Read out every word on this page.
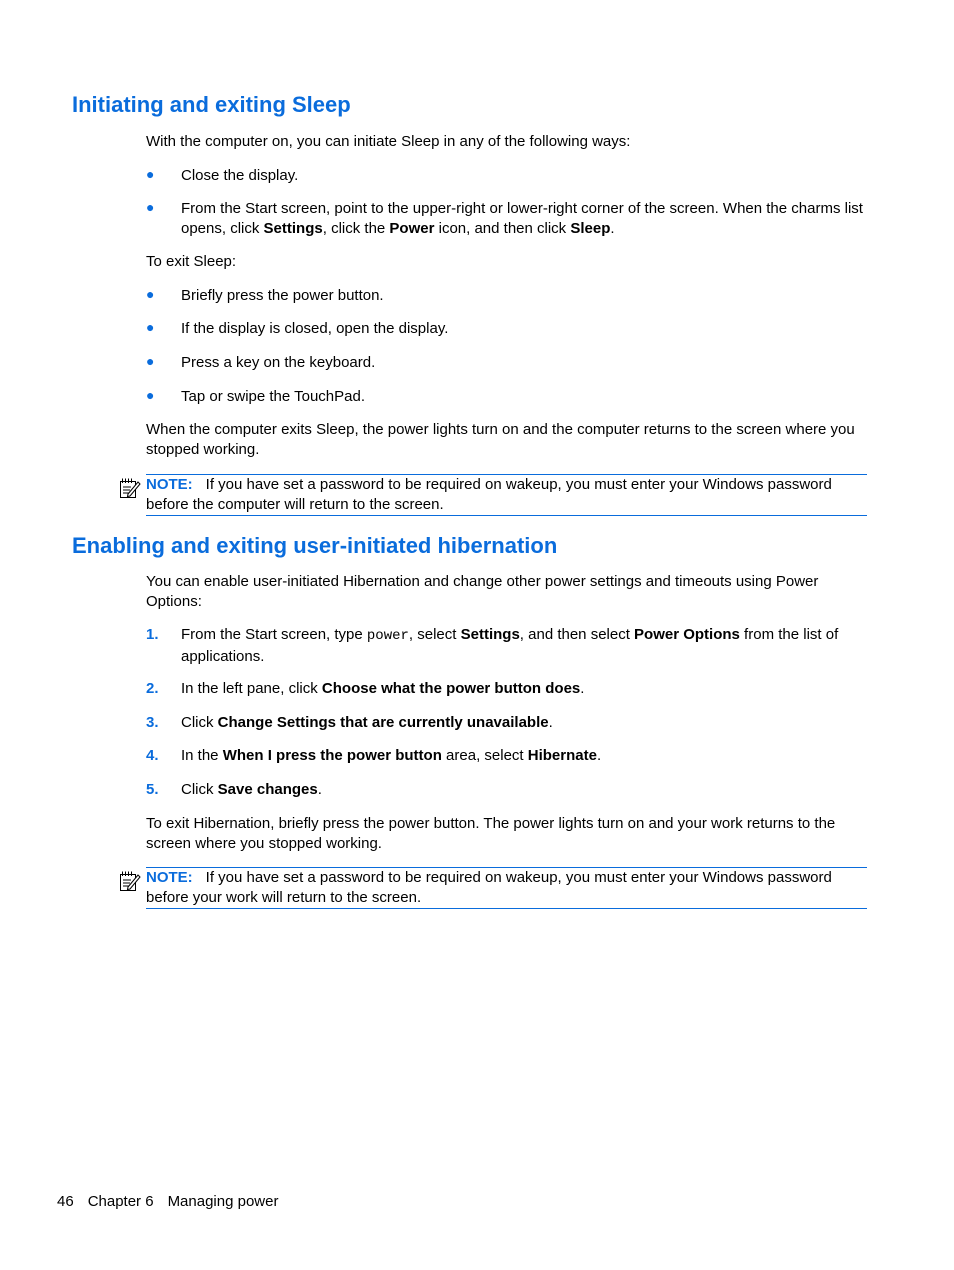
Initiating and exiting Sleep

With the computer on, you can initiate Sleep in any of the following ways:

● Close the display.
● From the Start screen, point to the upper-right or lower-right corner of the screen. When the charms list opens, click Settings, click the Power icon, and then click Sleep.

To exit Sleep:

● Briefly press the power button.
● If the display is closed, open the display.
● Press a key on the keyboard.
● Tap or swipe the TouchPad.

When the computer exits Sleep, the power lights turn on and the computer returns to the screen where you stopped working.

NOTE: If you have set a password to be required on wakeup, you must enter your Windows password before the computer will return to the screen.
Enabling and exiting user-initiated hibernation

You can enable user-initiated Hibernation and change other power settings and timeouts using Power Options:

1. From the Start screen, type power, select Settings, and then select Power Options from the list of applications.
2. In the left pane, click Choose what the power button does.
3. Click Change Settings that are currently unavailable.
4. In the When I press the power button area, select Hibernate.
5. Click Save changes.

To exit Hibernation, briefly press the power button. The power lights turn on and your work returns to the screen where you stopped working.

NOTE: If you have set a password to be required on wakeup, you must enter your Windows password before your work will return to the screen.
46 Chapter 6 Managing power
